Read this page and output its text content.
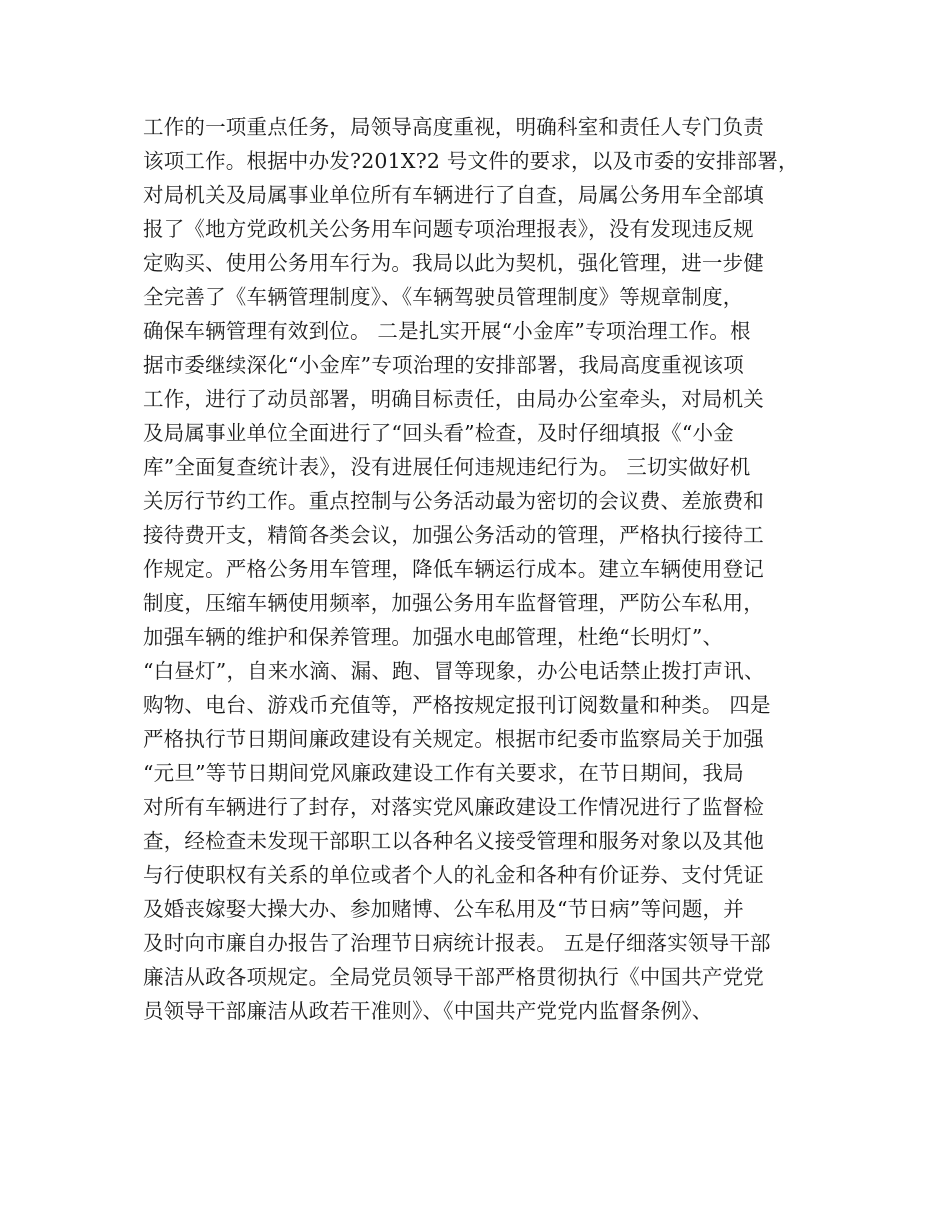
工作的一项重点任务，局领导高度重视，明确科室和责任人专门负责
该项工作。根据中办发?201X?2 号文件的要求，以及市委的安排部署，
对局机关及局属事业单位所有车辆进行了自查，局属公务用车全部填
报了《地方党政机关公务用车问题专项治理报表》，没有发现违反规
定购买、使用公务用车行为。我局以此为契机，强化管理，进一步健
全完善了《车辆管理制度》、《车辆驾驶员管理制度》等规章制度，
确保车辆管理有效到位。 二是扎实开展“小金库”专项治理工作。根
据市委继续深化“小金库”专项治理的安排部署，我局高度重视该项
工作，进行了动员部署，明确目标责任，由局办公室牵头，对局机关
及局属事业单位全面进行了“回头看”检查，及时仔细填报《“小金
库”全面复查统计表》，没有进展任何违规违纪行为。 三切实做好机
关厉行节约工作。重点控制与公务活动最为密切的会议费、差旅费和
接待费开支，精简各类会议，加强公务活动的管理，严格执行接待工
作规定。严格公务用车管理，降低车辆运行成本。建立车辆使用登记
制度，压缩车辆使用频率，加强公务用车监督管理，严防公车私用，
加强车辆的维护和保养管理。加强水电邮管理，杜绝“长明灯”、
“白昼灯”，自来水滴、漏、跑、冒等现象，办公电话禁止拨打声讯、
购物、电台、游戏币充值等，严格按规定报刊订阅数量和种类。 四是
严格执行节日期间廉政建设有关规定。根据市纪委市监察局关于加强
“元旦”等节日期间党风廉政建设工作有关要求，在节日期间，我局
对所有车辆进行了封存，对落实党风廉政建设工作情况进行了监督检
查，经检查未发现干部职工以各种名义接受管理和服务对象以及其他
与行使职权有关系的单位或者个人的礼金和各种有价证券、支付凭证
及婚丧嫁娶大操大办、参加赌博、公车私用及“节日病”等问题，并
及时向市廉自办报告了治理节日病统计报表。 五是仔细落实领导干部
廉洁从政各项规定。全局党员领导干部严格贯彻执行《中国共产党党
员领导干部廉洁从政若干准则》、《中国共产党党内监督条例》、
